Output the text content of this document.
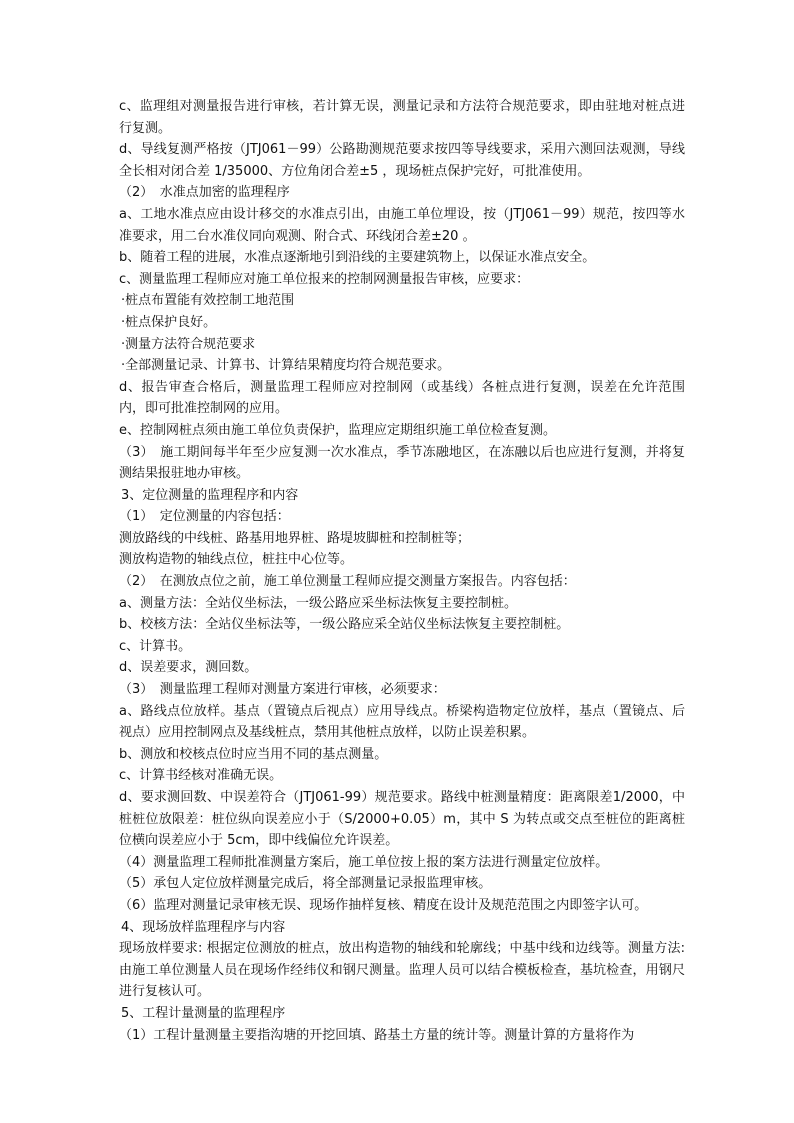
c、监理组对测量报告进行审核，若计算无误，测量记录和方法符合规范要求，即由驻地对桩点进行复测。

d、导线复测严格按（JTJ061－99）公路勘测规范要求按四等导线要求，采用六测回法观测，导线全长相对闭合差 1/35000、方位角闭合差±5 ，现场桩点保护完好，可批准使用。

（2）　水准点加密的监理程序

a、工地水准点应由设计移交的水准点引出，由施工单位埋设，按（JTJ061－99）规范，按四等水准要求，用二台水准仪同向观测、附合式、环线闭合差±20 。

b、随着工程的进展，水准点逐渐地引到沿线的主要建筑物上，以保证水准点安全。

c、测量监理工程师应对施工单位报来的控制网测量报告审核，应要求：

·桩点布置能有效控制工地范围

·桩点保护良好。

·测量方法符合规范要求

·全部测量记录、计算书、计算结果精度均符合规范要求。

d、报告审查合格后，测量监理工程师应对控制网（或基线）各桩点进行复测，误差在允许范围内，即可批准控制网的应用。

e、控制网桩点须由施工单位负责保护，监理应定期组织施工单位检查复测。

（3）　施工期间每半年至少应复测一次水准点，季节冻融地区，在冻融以后也应进行复测，并将复测结果报驻地办审核。

3、定位测量的监理程序和内容

（1）　定位测量的内容包括：

测放路线的中线桩、路基用地界桩、路堤坡脚桩和控制桩等；

测放构造物的轴线点位，桩拄中心位等。

（2）　在测放点位之前，施工单位测量工程师应提交测量方案报告。内容包括：

a、测量方法：全站仪坐标法，一级公路应采坐标法恢复主要控制桩。

b、校核方法：全站仪坐标法等，一级公路应采全站仪坐标法恢复主要控制桩。

c、计算书。

d、误差要求，测回数。

（3）　测量监理工程师对测量方案进行审核，必须要求：

a、路线点位放样。基点（置镜点后视点）应用导线点。桥梁构造物定位放样，基点（置镜点、后视点）应用控制网点及基线桩点，禁用其他桩点放样，以防止误差积累。

b、测放和校核点位时应当用不同的基点测量。

c、计算书经核对准确无误。

d、要求测回数、中误差符合（JTJ061-99）规范要求。路线中桩测量精度：距离限差1/2000，中桩桩位放限差：桩位纵向误差应小于（S/2000+0.05）m，其中 S 为转点或交点至桩位的距离桩位横向误差应小于 5cm，即中线偏位允许误差。

（4）测量监理工程师批准测量方案后，施工单位按上报的案方法进行测量定位放样。

（5）承包人定位放样测量完成后，将全部测量记录报监理审核。

（6）监理对测量记录审核无误、现场作抽样复核、精度在设计及规范范围之内即签字认可。

4、现场放样监理程序与内容

现场放样要求: 根据定位测放的桩点，放出构造物的轴线和轮廓线；中基中线和边线等。测量方法: 由施工单位测量人员在现场作经纬仪和钢尺测量。监理人员可以结合模板检查，基坑检查，用钢尺进行复核认可。

5、工程计量测量的监理程序

（1）工程计量测量主要指沟塘的开挖回填、路基土方量的统计等。测量计算的方量将作为
